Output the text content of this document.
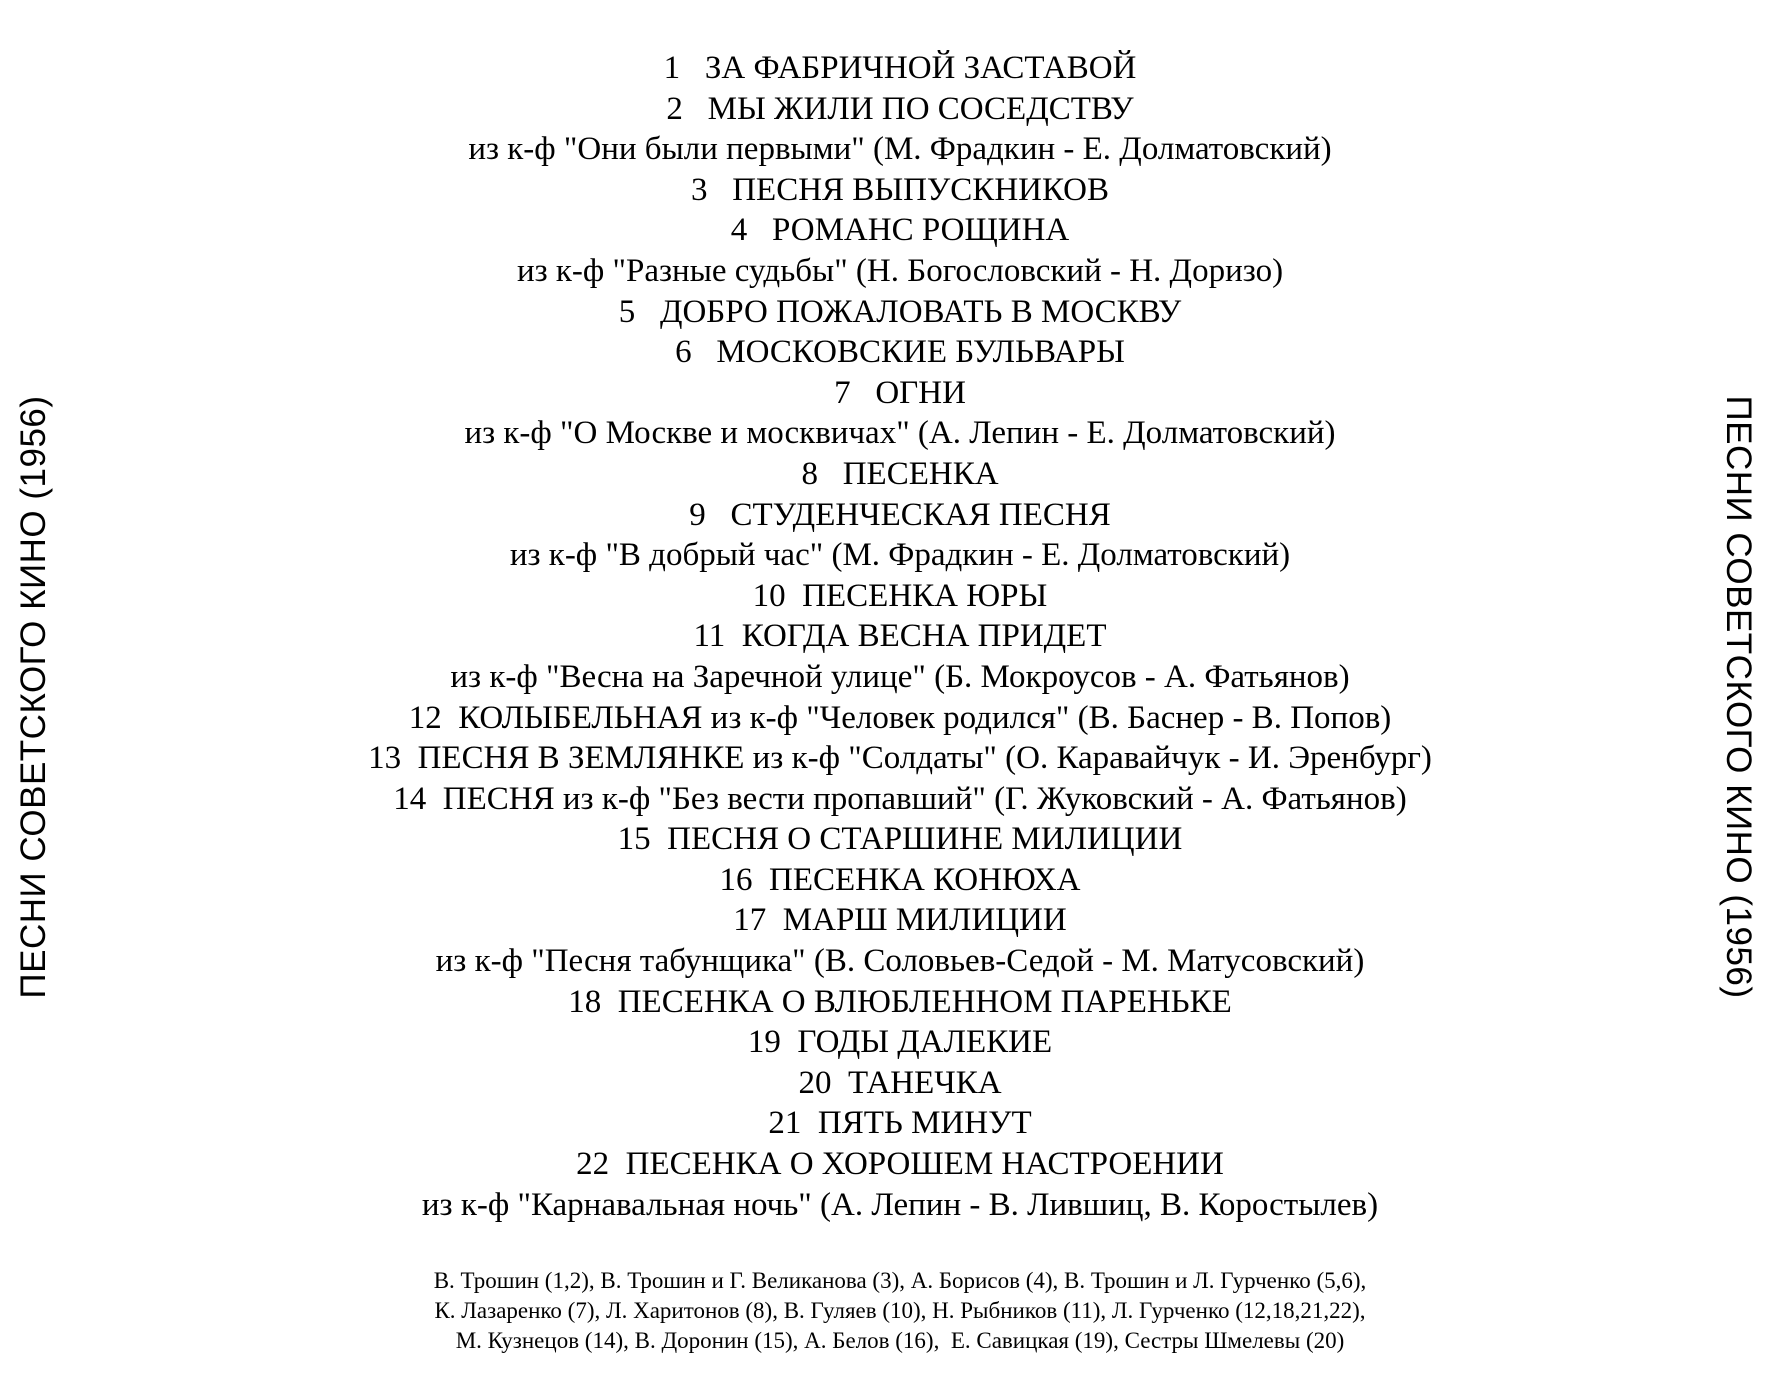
ПЕСНИ СОВЕТСКОГО КИНО (1956)	ПЕСНИ СОВЕТСКОГО КИНО (1956)
1   ЗА ФАБРИЧНОЙ ЗАСТАВОЙ
2   МЫ ЖИЛИ ПО СОСЕДСТВУ
из к-ф "Они были первыми" (М. Фрадкин - Е. Долматовский)
3   ПЕСНЯ ВЫПУСКНИКОВ
4   РОМАНС РОЩИНА
из к-ф "Разные судьбы" (Н. Богословский - Н. Доризо)
5   ДОБРО ПОЖАЛОВАТЬ В МОСКВУ
6   МОСКОВСКИЕ БУЛЬВАРЫ
7   ОГНИ
из к-ф "О Москве и москвичах" (А. Лепин - Е. Долматовский)
8   ПЕСЕНКА
9   СТУДЕНЧЕСКАЯ ПЕСНЯ
из к-ф "В добрый час" (М. Фрадкин - Е. Долматовский)
10  ПЕСЕНКА ЮРЫ
11  КОГДА ВЕСНА ПРИДЕТ
из к-ф "Весна на Заречной улице" (Б. Мокроусов - А. Фатьянов)
12  КОЛЫБЕЛЬНАЯ из к-ф "Человек родился" (В. Баснер - В. Попов)
13  ПЕСНЯ В ЗЕМЛЯНКЕ из к-ф "Солдаты" (О. Каравайчук - И. Эренбург)
14  ПЕСНЯ из к-ф "Без вести пропавший" (Г. Жуковский - А. Фатьянов)
15  ПЕСНЯ О СТАРШИНЕ МИЛИЦИИ
16  ПЕСЕНКА КОНЮХА
17  МАРШ МИЛИЦИИ
из к-ф "Песня табунщика" (В. Соловьев-Седой - М. Матусовский)
18  ПЕСЕНКА О ВЛЮБЛЕННОМ ПАРЕНЬКЕ
19  ГОДЫ ДАЛЕКИЕ
20  ТАНЕЧКА
21  ПЯТЬ МИНУТ
22  ПЕСЕНКА О ХОРОШЕМ НАСТРОЕНИИ
из к-ф "Карнавальная ночь" (А. Лепин - В. Лившиц, В. Коростылев)
В. Трошин (1,2), В. Трошин и Г. Великанова (3), А. Борисов (4), В. Трошин и Л. Гурченко (5,6),
К. Лазаренко (7), Л. Харитонов (8), В. Гуляев (10), Н. Рыбников (11), Л. Гурченко (12,18,21,22),
М. Кузнецов (14), В. Доронин (15), А. Белов (16),  Е. Савицкая (19), Сестры Шмелевы (20)
